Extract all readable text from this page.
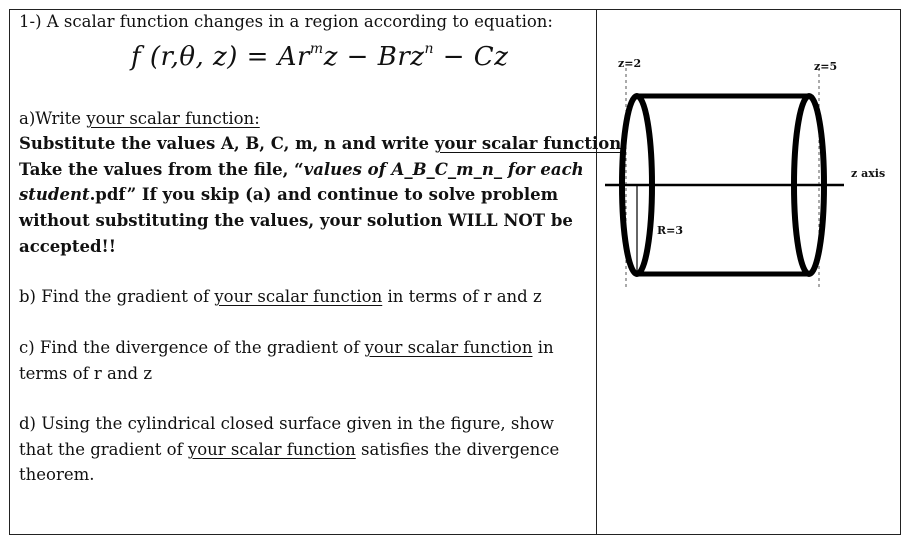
1-) A scalar function changes in a region according to equation:
f (r,θ, $z) = Ar^mz - Brz^n - Cz$
a)Write your scalar function:
Substitute the values A, B, C, m, n and write your scalar function.
Take the values from the file, “values of A_B_C_m_n_ for each
student.pdf” If you skip (a) and continue to solve problem
without substituting the values, your solution WILL NOT be
accepted!!
b) Find the gradient of your scalar function in terms of r and z
c) Find the divergence of the gradient of your scalar function in
terms of r and z
d) Using the cylindrical closed surface given in the figure, show
that the gradient of your scalar function satisfies the divergence
theorem.
z=2	z=5
z axis
R=3
